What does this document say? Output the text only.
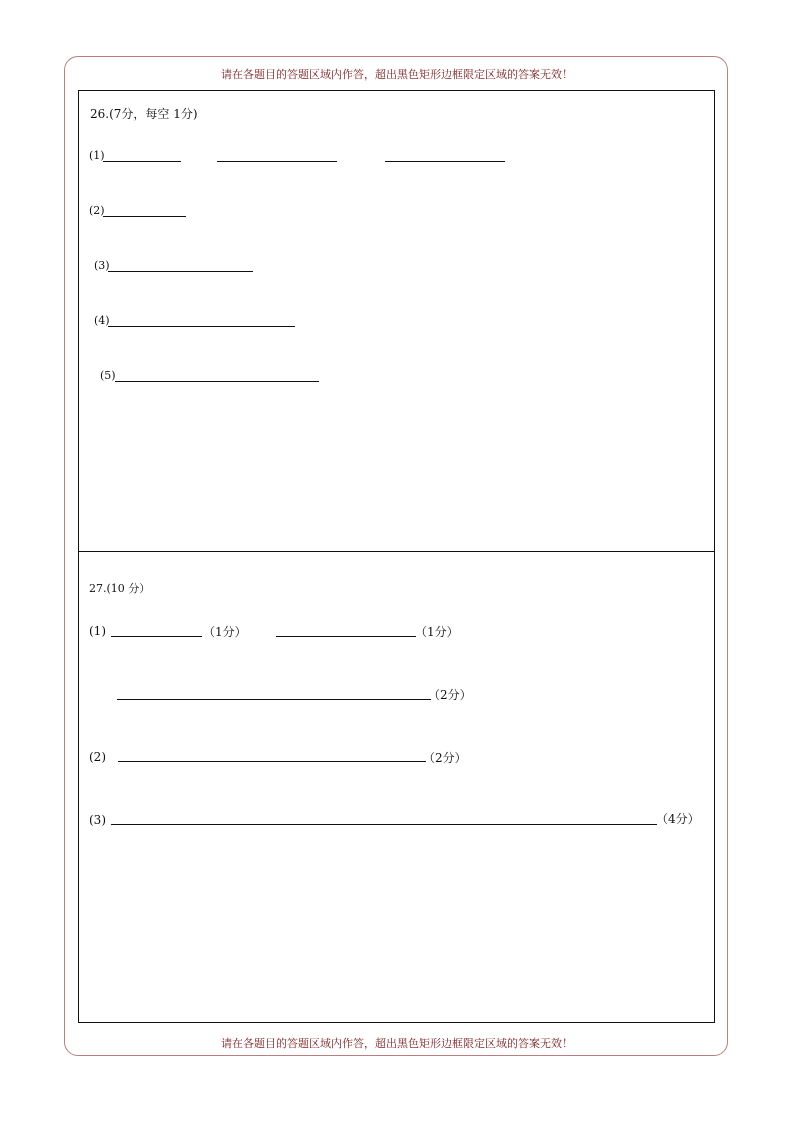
请在各题目的答题区域内作答，超出黑色矩形边框限定区域的答案无效！
26.(7分，每空 1分)
(1)
(2)
(3)
(4)
(5)
27.(10 分）
(1)	（1分）	（1分）
（2分）
(2)	（2分）
(3)	（4分）
请在各题目的答题区域内作答，超出黑色矩形边框限定区域的答案无效！
